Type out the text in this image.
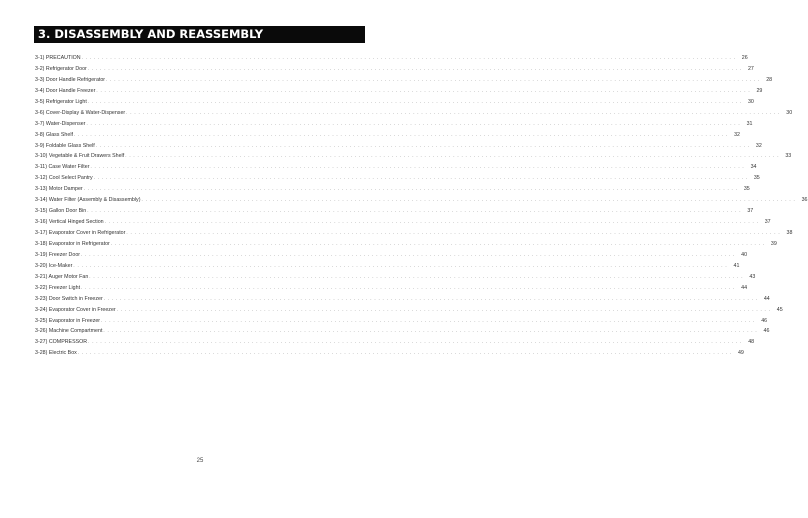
3. DISASSEMBLY AND REASSEMBLY
3-1) PRECAUTION . . . . . . . . . . . . . . . . . . . . . . . . . . . . . . . . . . . . . . . . . . . . . . . . . . . . . . . . . . . . . . . . . . . . . . . . . . . . . . . . . . . . . . . . . . . . . . . . . . . . . . . . . . . . . . . . . . . . . . . . . . . . . . . . . . . . . . . . . . . . . . . . . . . . . . . . . . . . . . . .	26
3-2) Refrigerator Door . . . . . . . . . . . . . . . . . . . . . . . . . . . . . . . . . . . . . . . . . . . . . . . . . . . . . . . . . . . . . . . . . . . . . . . . . . . . . . . . . . . . . . . . . . . . . . . . . . . . . . . . . . . . . . . . . . . . . . . . . . . . . . . . . . . . . . . . . . . . . . . . . . . . . . . . . . . . . . . .	27
3-3) Door Handle Refrigerator . . . . . . . . . . . . . . . . . . . . . . . . . . . . . . . . . . . . . . . . . . . . . . . . . . . . . . . . . . . . . . . . . . . . . . . . . . . . . . . . . . . . . . . . . . . . . . . . . . . . . . . . . . . . . . . . . . . . . . . . . . . . . . . . . . . . . . . . . . . . . . . . . . . . . . . . . . . . . . . .	28
3-4) Door Handle Freezer . . . . . . . . . . . . . . . . . . . . . . . . . . . . . . . . . . . . . . . . . . . . . . . . . . . . . . . . . . . . . . . . . . . . . . . . . . . . . . . . . . . . . . . . . . . . . . . . . . . . . . . . . . . . . . . . . . . . . . . . . . . . . . . . . . . . . . . . . . . . . . . . . . . . . . . . . . . . . . . .	29
3-5) Refrigerator Light . . . . . . . . . . . . . . . . . . . . . . . . . . . . . . . . . . . . . . . . . . . . . . . . . . . . . . . . . . . . . . . . . . . . . . . . . . . . . . . . . . . . . . . . . . . . . . . . . . . . . . . . . . . . . . . . . . . . . . . . . . . . . . . . . . . . . . . . . . . . . . . . . . . . . . . . . . . . . . . .	30
3-6) Cover-Display & Water-Dispenser . . . . . . . . . . . . . . . . . . . . . . . . . . . . . . . . . . . . . . . . . . . . . . . . . . . . . . . . . . . . . . . . . . . . . . . . . . . . . . . . . . . . . . . . . . . . . . . . . . . . . . . . . . . . . . . . . . . . . . . . . . . . . . . . . . . . . . . . . . . . . . . . . . . . . . . . . . . . . . . .	30
3-7) Water-Dispenser . . . . . . . . . . . . . . . . . . . . . . . . . . . . . . . . . . . . . . . . . . . . . . . . . . . . . . . . . . . . . . . . . . . . . . . . . . . . . . . . . . . . . . . . . . . . . . . . . . . . . . . . . . . . . . . . . . . . . . . . . . . . . . . . . . . . . . . . . . . . . . . . . . . . . . . . . . . . . . . .	31
3-8) Glass Shelf . . . . . . . . . . . . . . . . . . . . . . . . . . . . . . . . . . . . . . . . . . . . . . . . . . . . . . . . . . . . . . . . . . . . . . . . . . . . . . . . . . . . . . . . . . . . . . . . . . . . . . . . . . . . . . . . . . . . . . . . . . . . . . . . . . . . . . . . . . . . . . . . . . . . . . . . . . . . . . . .	32
3-9) Foldable Glass Shelf . . . . . . . . . . . . . . . . . . . . . . . . . . . . . . . . . . . . . . . . . . . . . . . . . . . . . . . . . . . . . . . . . . . . . . . . . . . . . . . . . . . . . . . . . . . . . . . . . . . . . . . . . . . . . . . . . . . . . . . . . . . . . . . . . . . . . . . . . . . . . . . . . . . . . . . . . . . . . . . .	32
3-10) Vegetable & Fruit Drawers Shelf . . . . . . . . . . . . . . . . . . . . . . . . . . . . . . . . . . . . . . . . . . . . . . . . . . . . . . . . . . . . . . . . . . . . . . . . . . . . . . . . . . . . . . . . . . . . . . . . . . . . . . . . . . . . . . . . . . . . . . . . . . . . . . . . . . . . . . . . . . . . . . . . . . . . . . . . . . . . . . . .	33
3-11) Case Water Filter . . . . . . . . . . . . . . . . . . . . . . . . . . . . . . . . . . . . . . . . . . . . . . . . . . . . . . . . . . . . . . . . . . . . . . . . . . . . . . . . . . . . . . . . . . . . . . . . . . . . . . . . . . . . . . . . . . . . . . . . . . . . . . . . . . . . . . . . . . . . . . . . . . . . . . . . . . . . . . . .	34
3-12) Cool Select Pantry . . . . . . . . . . . . . . . . . . . . . . . . . . . . . . . . . . . . . . . . . . . . . . . . . . . . . . . . . . . . . . . . . . . . . . . . . . . . . . . . . . . . . . . . . . . . . . . . . . . . . . . . . . . . . . . . . . . . . . . . . . . . . . . . . . . . . . . . . . . . . . . . . . . . . . . . . . . . . . . .	35
3-13) Motor Damper . . . . . . . . . . . . . . . . . . . . . . . . . . . . . . . . . . . . . . . . . . . . . . . . . . . . . . . . . . . . . . . . . . . . . . . . . . . . . . . . . . . . . . . . . . . . . . . . . . . . . . . . . . . . . . . . . . . . . . . . . . . . . . . . . . . . . . . . . . . . . . . . . . . . . . . . . . . . . . . .	35
3-14) Water Filter (Assembly & Disassembly) . . . . . . . . . . . . . . . . . . . . . . . . . . . . . . . . . . . . . . . . . . . . . . . . . . . . . . . . . . . . . . . . . . . . . . . . . . . . . . . . . . . . . . . . . . . . . . . . . . . . . . . . . . . . . . . . . . . . . . . . . . . . . . . . . . . . . . . . . . . . . . . . . . . . . . . . . . . . . . . .	36
3-15) Gallon Door Bin . . . . . . . . . . . . . . . . . . . . . . . . . . . . . . . . . . . . . . . . . . . . . . . . . . . . . . . . . . . . . . . . . . . . . . . . . . . . . . . . . . . . . . . . . . . . . . . . . . . . . . . . . . . . . . . . . . . . . . . . . . . . . . . . . . . . . . . . . . . . . . . . . . . . . . . . . . . . . . . .	37
3-16) Vertical Hinged Section . . . . . . . . . . . . . . . . . . . . . . . . . . . . . . . . . . . . . . . . . . . . . . . . . . . . . . . . . . . . . . . . . . . . . . . . . . . . . . . . . . . . . . . . . . . . . . . . . . . . . . . . . . . . . . . . . . . . . . . . . . . . . . . . . . . . . . . . . . . . . . . . . . . . . . . . . . . . . . . .	37
3-17) Evaporator Cover in Refrigerator . . . . . . . . . . . . . . . . . . . . . . . . . . . . . . . . . . . . . . . . . . . . . . . . . . . . . . . . . . . . . . . . . . . . . . . . . . . . . . . . . . . . . . . . . . . . . . . . . . . . . . . . . . . . . . . . . . . . . . . . . . . . . . . . . . . . . . . . . . . . . . . . . . . . . . . . . . . . . . . .	38
3-18) Evaporator in Refrigerator . . . . . . . . . . . . . . . . . . . . . . . . . . . . . . . . . . . . . . . . . . . . . . . . . . . . . . . . . . . . . . . . . . . . . . . . . . . . . . . . . . . . . . . . . . . . . . . . . . . . . . . . . . . . . . . . . . . . . . . . . . . . . . . . . . . . . . . . . . . . . . . . . . . . . . . . . . . . . . . .	39
3-19) Freezer Door . . . . . . . . . . . . . . . . . . . . . . . . . . . . . . . . . . . . . . . . . . . . . . . . . . . . . . . . . . . . . . . . . . . . . . . . . . . . . . . . . . . . . . . . . . . . . . . . . . . . . . . . . . . . . . . . . . . . . . . . . . . . . . . . . . . . . . . . . . . . . . . . . . . . . . . . . . . . . . . .	40
3-20) Ice-Maker . . . . . . . . . . . . . . . . . . . . . . . . . . . . . . . . . . . . . . . . . . . . . . . . . . . . . . . . . . . . . . . . . . . . . . . . . . . . . . . . . . . . . . . . . . . . . . . . . . . . . . . . . . . . . . . . . . . . . . . . . . . . . . . . . . . . . . . . . . . . . . . . . . . . . . . . . . . . . . . .	41
3-21) Auger Motor Fan . . . . . . . . . . . . . . . . . . . . . . . . . . . . . . . . . . . . . . . . . . . . . . . . . . . . . . . . . . . . . . . . . . . . . . . . . . . . . . . . . . . . . . . . . . . . . . . . . . . . . . . . . . . . . . . . . . . . . . . . . . . . . . . . . . . . . . . . . . . . . . . . . . . . . . . . . . . . . . . .	43
3-22) Freezer Light . . . . . . . . . . . . . . . . . . . . . . . . . . . . . . . . . . . . . . . . . . . . . . . . . . . . . . . . . . . . . . . . . . . . . . . . . . . . . . . . . . . . . . . . . . . . . . . . . . . . . . . . . . . . . . . . . . . . . . . . . . . . . . . . . . . . . . . . . . . . . . . . . . . . . . . . . . . . . . . .	44
3-23) Door Switch in Freezer . . . . . . . . . . . . . . . . . . . . . . . . . . . . . . . . . . . . . . . . . . . . . . . . . . . . . . . . . . . . . . . . . . . . . . . . . . . . . . . . . . . . . . . . . . . . . . . . . . . . . . . . . . . . . . . . . . . . . . . . . . . . . . . . . . . . . . . . . . . . . . . . . . . . . . . . . . . . . . . .	44
3-24) Evaporator Cover in Freezer . . . . . . . . . . . . . . . . . . . . . . . . . . . . . . . . . . . . . . . . . . . . . . . . . . . . . . . . . . . . . . . . . . . . . . . . . . . . . . . . . . . . . . . . . . . . . . . . . . . . . . . . . . . . . . . . . . . . . . . . . . . . . . . . . . . . . . . . . . . . . . . . . . . . . . . . . . . . . . . .	45
3-25) Evaporator in Freezer . . . . . . . . . . . . . . . . . . . . . . . . . . . . . . . . . . . . . . . . . . . . . . . . . . . . . . . . . . . . . . . . . . . . . . . . . . . . . . . . . . . . . . . . . . . . . . . . . . . . . . . . . . . . . . . . . . . . . . . . . . . . . . . . . . . . . . . . . . . . . . . . . . . . . . . . . . . . . . . .	46
3-26) Machine Compartment . . . . . . . . . . . . . . . . . . . . . . . . . . . . . . . . . . . . . . . . . . . . . . . . . . . . . . . . . . . . . . . . . . . . . . . . . . . . . . . . . . . . . . . . . . . . . . . . . . . . . . . . . . . . . . . . . . . . . . . . . . . . . . . . . . . . . . . . . . . . . . . . . . . . . . . . . . . . . . . .	46
3-27) COMPRESSOR . . . . . . . . . . . . . . . . . . . . . . . . . . . . . . . . . . . . . . . . . . . . . . . . . . . . . . . . . . . . . . . . . . . . . . . . . . . . . . . . . . . . . . . . . . . . . . . . . . . . . . . . . . . . . . . . . . . . . . . . . . . . . . . . . . . . . . . . . . . . . . . . . . . . . . . . . . . . . . . .	48
3-28) Electric Box . . . . . . . . . . . . . . . . . . . . . . . . . . . . . . . . . . . . . . . . . . . . . . . . . . . . . . . . . . . . . . . . . . . . . . . . . . . . . . . . . . . . . . . . . . . . . . . . . . . . . . . . . . . . . . . . . . . . . . . . . . . . . . . . . . . . . . . . . . . . . . . . . . . . . . . . . . . . . . . .	49
25
